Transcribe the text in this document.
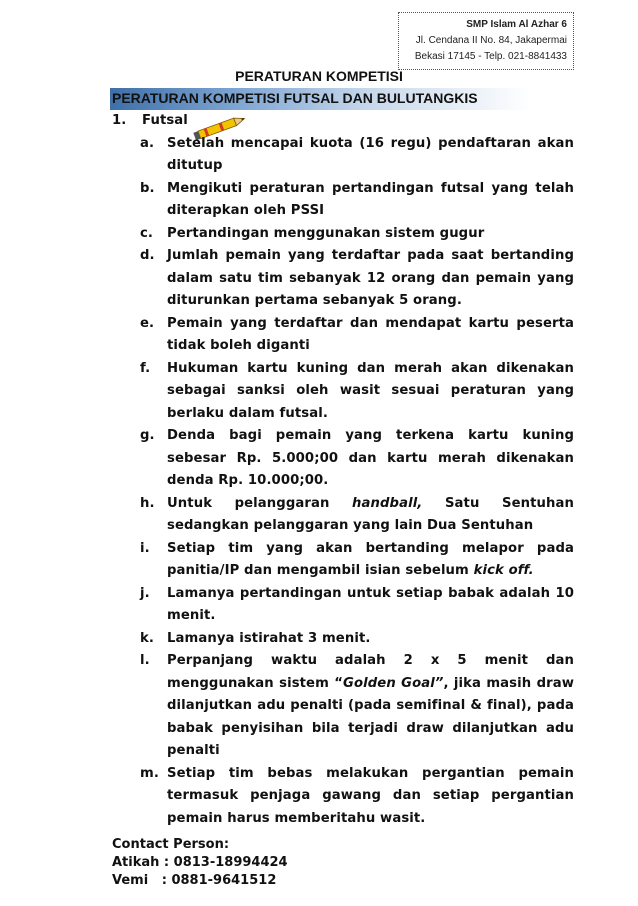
SMP Islam Al Azhar 6
Jl. Cendana II No. 84, Jakapermai
Bekasi 17145 - Telp. 021-8841433
PERATURAN KOMPETISI
PERATURAN KOMPETISI FUTSAL DAN BULUTANGKIS
1.	Futsal
a. Setelah mencapai kuota (16 regu) pendaftaran akan ditutup
b. Mengikuti peraturan pertandingan futsal yang telah diterapkan oleh PSSI
c.	Pertandingan menggunakan sistem gugur
d. Jumlah pemain yang terdaftar pada saat bertanding dalam satu tim sebanyak 12 orang dan pemain yang diturunkan pertama sebanyak 5 orang.
e. Pemain yang terdaftar dan mendapat kartu peserta tidak boleh diganti
f.	Hukuman kartu kuning dan merah akan dikenakan sebagai sanksi oleh wasit sesuai peraturan yang berlaku dalam futsal.
g. Denda bagi pemain yang terkena kartu kuning sebesar Rp. 5.000;00 dan kartu merah dikenakan denda Rp. 10.000;00.
h. Untuk pelanggaran handball, Satu Sentuhan sedangkan pelanggaran yang lain Dua Sentuhan
i.	Setiap tim yang akan bertanding melapor pada panitia/IP dan mengambil isian sebelum kick off.
j.	Lamanya pertandingan untuk setiap babak adalah 10 menit.
k. Lamanya istirahat 3 menit.
l.	Perpanjang waktu adalah 2 x 5 menit dan menggunakan sistem “Golden Goal”, jika masih draw dilanjutkan adu penalti (pada semifinal & final), pada babak penyisihan bila terjadi draw dilanjutkan adu penalti
m. Setiap tim bebas melakukan pergantian pemain termasuk penjaga gawang dan setiap pergantian pemain harus memberitahu wasit.
Contact Person:
Atikah : 0813-18994424
Vemi   : 0881-9641512
